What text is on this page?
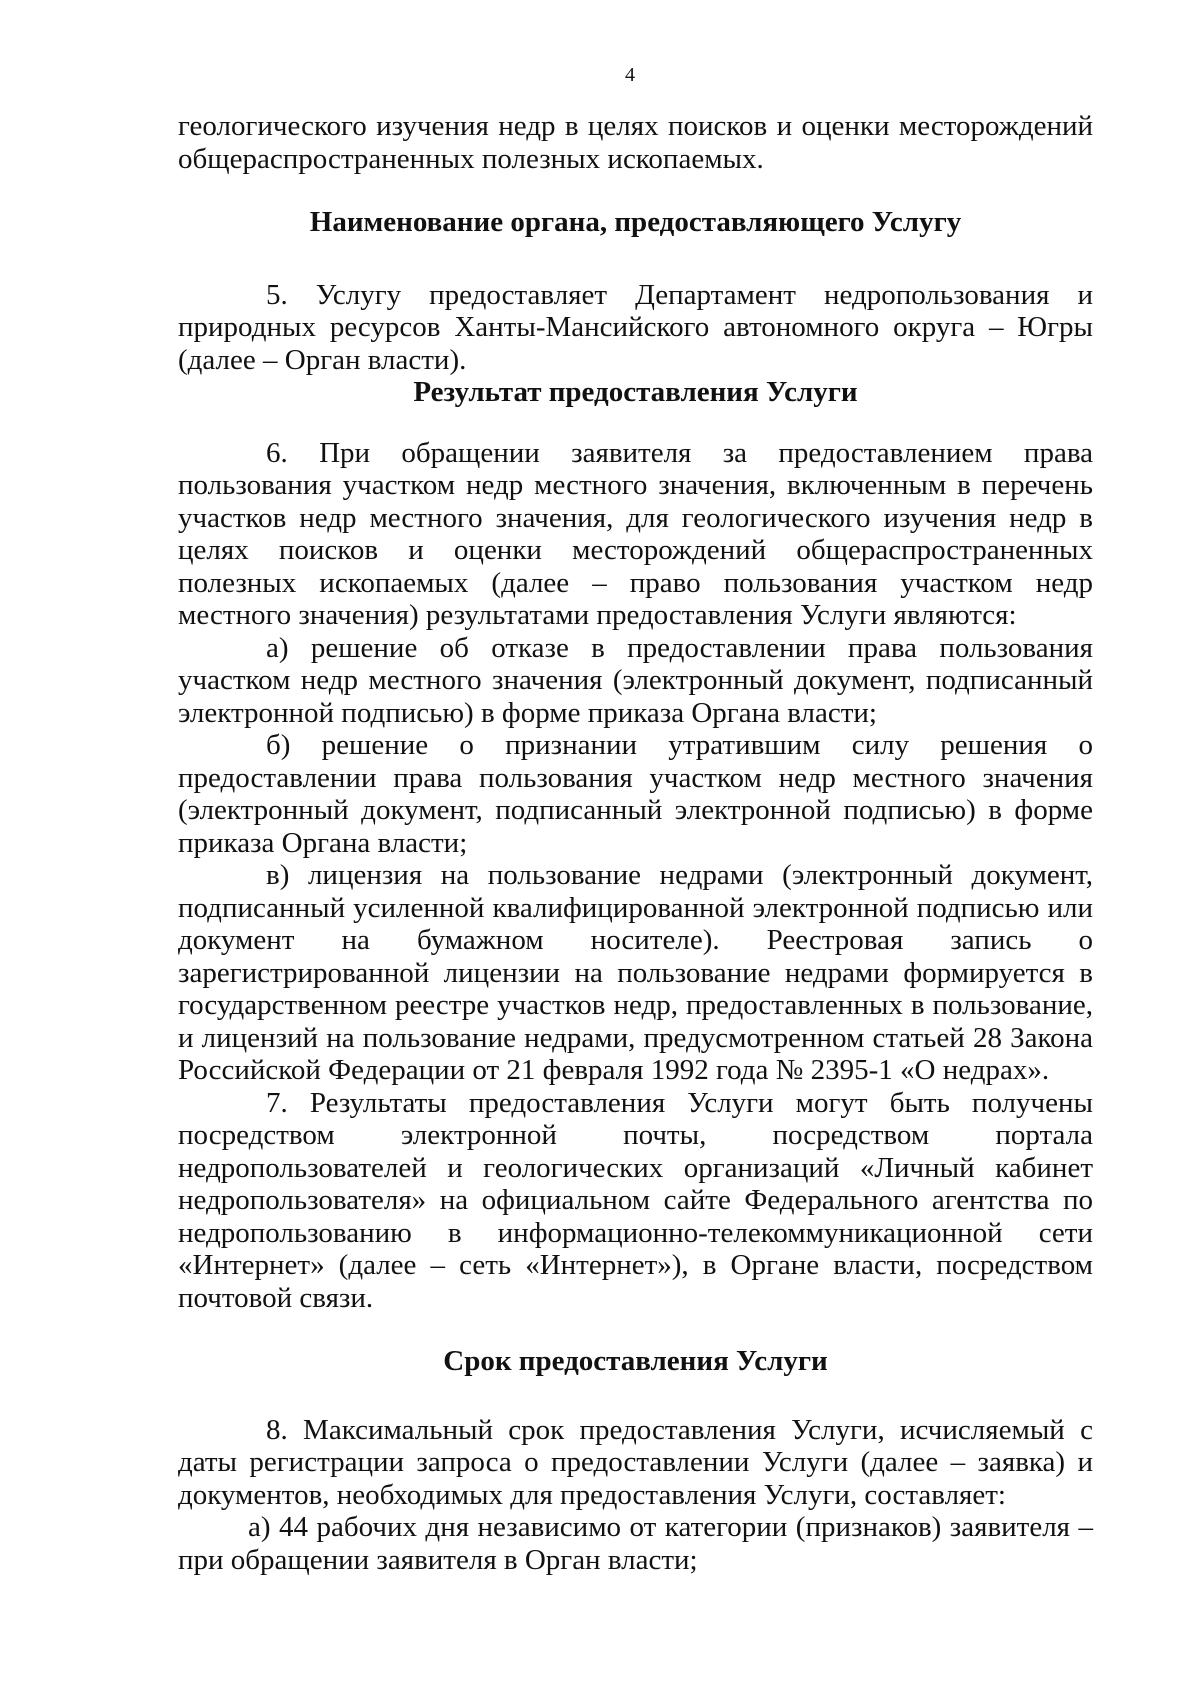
4

геологического изучения недр в целях поисков и оценки месторождений общераспространенных полезных ископаемых.

Наименование органа, предоставляющего Услугу

5. Услугу предоставляет Департамент недропользования и природных ресурсов Ханты-Мансийского автономного округа – Югры (далее – Орган власти).

Результат предоставления Услуги

6. При обращении заявителя за предоставлением права пользования участком недр местного значения, включенным в перечень участков недр местного значения, для геологического изучения недр в целях поисков и оценки месторождений общераспространенных полезных ископаемых (далее – право пользования участком недр местного значения) результатами предоставления Услуги являются:

а) решение об отказе в предоставлении права пользования участком недр местного значения (электронный документ, подписанный электронной подписью) в форме приказа Органа власти;

б) решение о признании утратившим силу решения о предоставлении права пользования участком недр местного значения (электронный документ, подписанный электронной подписью) в форме приказа Органа власти;

в) лицензия на пользование недрами (электронный документ, подписанный усиленной квалифицированной электронной подписью или документ на бумажном носителе). Реестровая запись о зарегистрированной лицензии на пользование недрами формируется в государственном реестре участков недр, предоставленных в пользование, и лицензий на пользование недрами, предусмотренном статьей 28 Закона Российской Федерации от 21 февраля 1992 года № 2395-1 «О недрах».

7. Результаты предоставления Услуги могут быть получены посредством электронной почты, посредством портала недропользователей и геологических организаций «Личный кабинет недропользователя» на официальном сайте Федерального агентства по недропользованию в информационно-телекоммуникационной сети «Интернет» (далее – сеть «Интернет»), в Органе власти, посредством почтовой связи.

Срок предоставления Услуги

8. Максимальный срок предоставления Услуги, исчисляемый с даты регистрации запроса о предоставлении Услуги (далее – заявка) и документов, необходимых для предоставления Услуги, составляет:

а) 44 рабочих дня независимо от категории (признаков) заявителя – при обращении заявителя в Орган власти;
